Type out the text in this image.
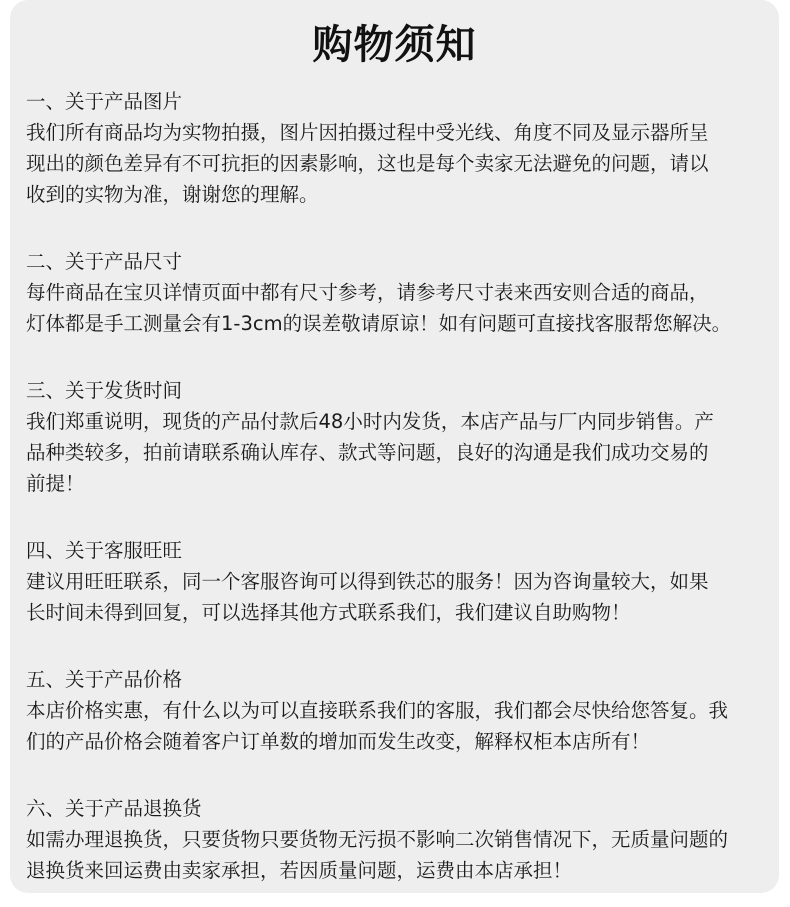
购物须知
一、关于产品图片
我们所有商品均为实物拍摄，图片因拍摄过程中受光线、角度不同及显示器所呈
现出的颜色差异有不可抗拒的因素影响，这也是每个卖家无法避免的问题，请以
收到的实物为准，谢谢您的理解。
二、关于产品尺寸
每件商品在宝贝详情页面中都有尺寸参考，请参考尺寸表来西安则合适的商品，
灯体都是手工测量会有1-3cm的误差敬请原谅！如有问题可直接找客服帮您解决。
三、关于发货时间
我们郑重说明，现货的产品付款后48小时内发货，本店产品与厂内同步销售。产
品种类较多，拍前请联系确认库存、款式等问题，良好的沟通是我们成功交易的
前提！
四、关于客服旺旺
建议用旺旺联系，同一个客服咨询可以得到铁芯的服务！因为咨询量较大，如果
长时间未得到回复，可以选择其他方式联系我们，我们建议自助购物！
五、关于产品价格
本店价格实惠，有什么以为可以直接联系我们的客服，我们都会尽快给您答复。我
们的产品价格会随着客户订单数的增加而发生改变，解释权柜本店所有！
六、关于产品退换货
如需办理退换货，只要货物只要货物无污损不影响二次销售情况下，无质量问题的
退换货来回运费由卖家承担，若因质量问题，运费由本店承担！
